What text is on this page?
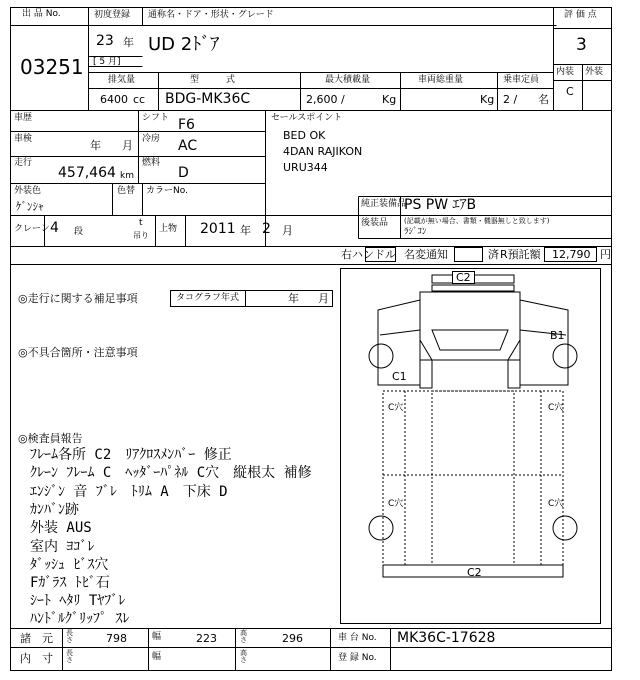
出 品 No.
03251
初度登録 通称名・ドア・形状・グレード
23 年
[ 5 月]
UD 2ﾄﾞｱ
評 価 点
3
内装 外装
C
排気量	型　　　式	最大積載量	車両総重量	乗車定員
6400 cc BDG-MK36C	2,600 /	Kg	Kg 2 / 名
車歴	シフト F6
車検	年 月 冷房 AC
走行
457,464 km
燃料
D
外装色
ｹﾞﾝｼｬ
色替 カラーNo.
セールスポイント
BED OK
4DAN RAJIKON
URU344
純正装備品
PS PW ｴｱB
後装品 (記載が無い場合、書類・機器無しと致します)
ﾗｼﾞｺﾝ
クレーン 4 段
t
吊り
上物 2011 年 2 月
右ハンドル 名変通知	済 R預託額 12,790 円
◎走行に関する補足事項	タコグラフ年式	年 月
◎不具合箇所・注意事項
◎検査員報告
ﾌﾚｰﾑ各所 C2　ﾘｱｸﾛｽﾒﾝﾊﾞｰ 修正
ｸﾚｰﾝ ﾌﾚｰﾑ C　ﾍｯﾀﾞｰﾊﾟﾈﾙ C穴　縦根太 補修
ｴﾝｼﾞﾝ 音 ﾌﾞﾚ　ﾄﾘﾑ A　下床 D
ｶﾝﾊﾞﾝ跡
外装 AUS
室内 ﾖｺﾞﾚ
ﾀﾞｯｼｭ ﾋﾞｽ穴
Fｶﾞﾗｽ ﾄﾋﾞ石
ｼｰﾄ ﾍﾀﾘ Tﾔﾌﾞﾚ
ﾊﾝﾄﾞﾙｸﾞﾘｯﾌﾟ ｽﾚ
C2
B1
C1
C穴	C穴
C穴	C穴
C2
諸　元 長さ	798	幅	223	高さ	296	車 台 No. MK36C-17628
内　寸 長さ	幅	高さ	登 録 No.
